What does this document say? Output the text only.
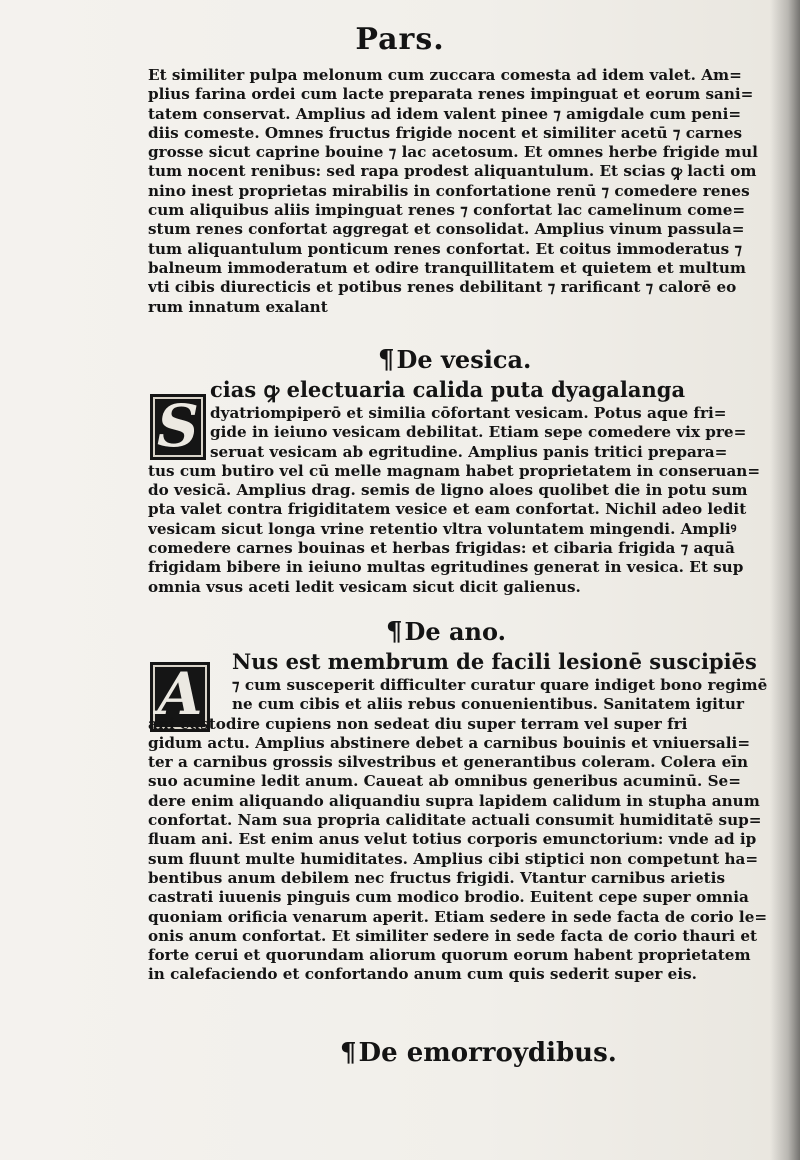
Pars.
Et similiter pulpa melonum cum zuccara comesta ad idem valet. Am=
plius farina ordei cum lacte preparata renes impinguat et eorum sani=
tatem conservat. Amplius ad idem valent pinee ⁊ amigdale cum peni=
diis comeste. Omnes fructus frigide nocent et similiter acetū ⁊ carnes
grosse sicut caprine bouine ⁊ lac acetosum. Et omnes herbe frigide mul
tum nocent renibus: sed rapa prodest aliquantulum. Et scias ꝙ lacti om
nino inest proprietas mirabilis in confortatione renū ⁊ comedere renes
cum aliquibus aliis impinguat renes ⁊ confortat lac camelinum come=
stum renes confortat aggregat et consolidat. Amplius vinum passula=
tum aliquantulum ponticum renes confortat. Et coitus immoderatus ⁊
balneum immoderatum et odire tranquillitatem et quietem et multum
vti cibis diurecticis et potibus renes debilitant ⁊ rarificant ⁊ calorē eo
rum innatum exalant
¶De vesica.
S
cias ꝙ electuaria calida puta dyagalanga
dyatriompiperō et similia cōfortant vesicam. Potus aque fri=
gide in ieiuno vesicam debilitat. Etiam sepe comedere vix pre=
seruat vesicam ab egritudine. Amplius panis tritici prepara=
tus cum butiro vel cū melle magnam habet proprietatem in conseruan=
do vesicā. Amplius drag. semis de ligno aloes quolibet die in potu sum
pta valet contra frigiditatem vesice et eam confortat. Nichil adeo ledit
vesicam sicut longa vrine retentio vltra voluntatem mingendi. Ampliꝰ
comedere carnes bouinas et herbas frigidas: et cibaria frigida ⁊ aquā
frigidam bibere in ieiuno multas egritudines generat in vesica. Et sup
omnia vsus aceti ledit vesicam sicut dicit galienus.
¶De ano.
A	Nus est membrum de facili lesionē suscipiēs
⁊ cum susceperit difficulter curatur quare indiget bono regimē
ne cum cibis et aliis rebus conuenientibus. Sanitatem igitur
ani custodire cupiens non sedeat diu super terram vel super fri
gidum actu. Amplius abstinere debet a carnibus bouinis et vniuersali=
ter a carnibus grossis silvestribus et generantibus coleram. Colera eīn
suo acumine ledit anum. Caueat ab omnibus generibus acuminū. Se=
dere enim aliquando aliquandiu supra lapidem calidum in stupha anum
confortat. Nam sua propria caliditate actuali consumit humiditatē sup=
fluam ani. Est enim anus velut totius corporis emunctorium: vnde ad ip
sum fluunt multe humiditates. Amplius cibi stiptici non competunt ha=
bentibus anum debilem nec fructus frigidi. Vtantur carnibus arietis
castrati iuuenis pinguis cum modico brodio. Euitent cepe super omnia
quoniam orificia venarum aperit. Etiam sedere in sede facta de corio le=
onis anum confortat. Et similiter sedere in sede facta de corio thauri et
forte cerui et quorundam aliorum quorum eorum habent proprietatem
in calefaciendo et confortando anum cum quis sederit super eis.
¶De emorroydibus.
